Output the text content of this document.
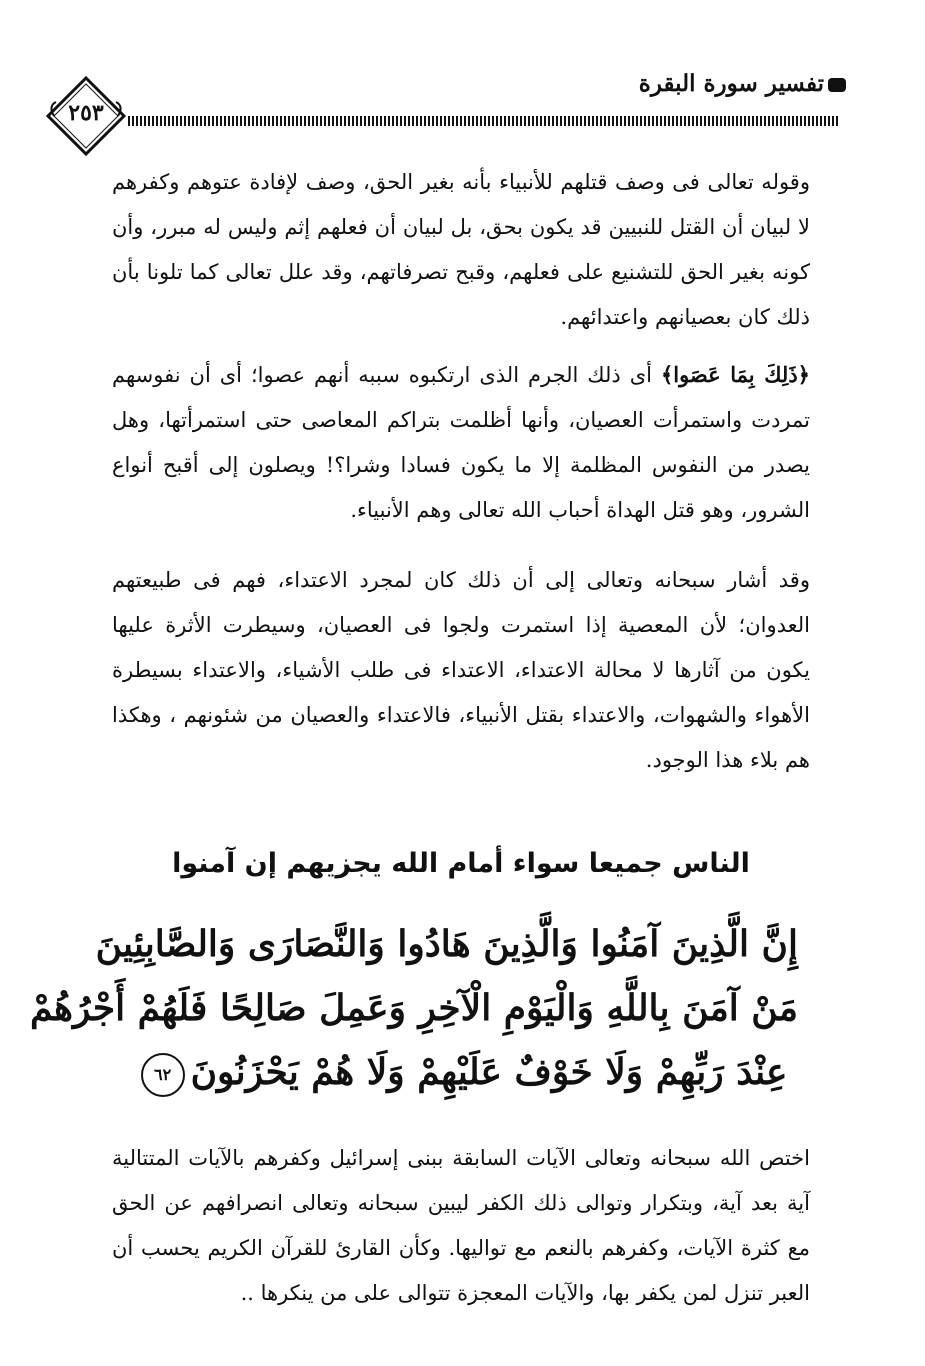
تفسير سورة البقرة
٢٥٣

وقوله تعالى فى وصف قتلهم للأنبياء بأنه بغير الحق، وصف لإفادة عتوهم وكفرهم لا لبيان أن القتل للنبيين قد يكون بحق، بل لبيان أن فعلهم إثم وليس له مبرر، وأن كونه بغير الحق للتشنيع على فعلهم، وقبح تصرفاتهم، وقد علل تعالى كما تلونا بأن ذلك كان بعصيانهم واعتدائهم.

﴿ذَلِكَ بِمَا عَصَوا﴾ أى ذلك الجرم الذى ارتكبوه سببه أنهم عصوا؛ أى أن نفوسهم تمردت واستمرأت العصيان، وأنها أظلمت بتراكم المعاصى حتى استمرأتها، وهل يصدر من النفوس المظلمة إلا ما يكون فسادا وشرا؟! ويصلون إلى أقبح أنواع الشرور، وهو قتل الهداة أحباب الله تعالى وهم الأنبياء.

وقد أشار سبحانه وتعالى إلى أن ذلك كان لمجرد الاعتداء، فهم فى طبيعتهم العدوان؛ لأن المعصية إذا استمرت ولجوا فى العصيان، وسيطرت الأثرة عليها يكون من آثارها لا محالة الاعتداء، الاعتداء فى طلب الأشياء، والاعتداء بسيطرة الأهواء والشهوات، والاعتداء بقتل الأنبياء، فالاعتداء والعصيان من شئونهم ، وهكذا هم بلاء هذا الوجود.

الناس جميعا سواء أمام الله يجزيهم إن آمنوا
إِنَّ الَّذِينَ آمَنُوا وَالَّذِينَ هَادُوا وَالنَّصَارَى وَالصَّابِئِينَ
مَنْ آمَنَ بِاللَّهِ وَالْيَوْمِ الْآخِرِ وَعَمِلَ صَالِحًا فَلَهُمْ أَجْرُهُمْ
عِنْدَ رَبِّهِمْ وَلَا خَوْفٌ عَلَيْهِمْ وَلَا هُمْ يَحْزَنُونَ٦٢

اختص الله سبحانه وتعالى الآيات السابقة ببنى إسرائيل وكفرهم بالآيات المتتالية آية بعد آية، وبتكرار وتوالى ذلك الكفر ليبين سبحانه وتعالى انصرافهم عن الحق مع كثرة الآيات، وكفرهم بالنعم مع تواليها. وكأن القارئ للقرآن الكريم يحسب أن العبر تنزل لمن يكفر بها، والآيات المعجزة تتوالى على من ينكرها ..
